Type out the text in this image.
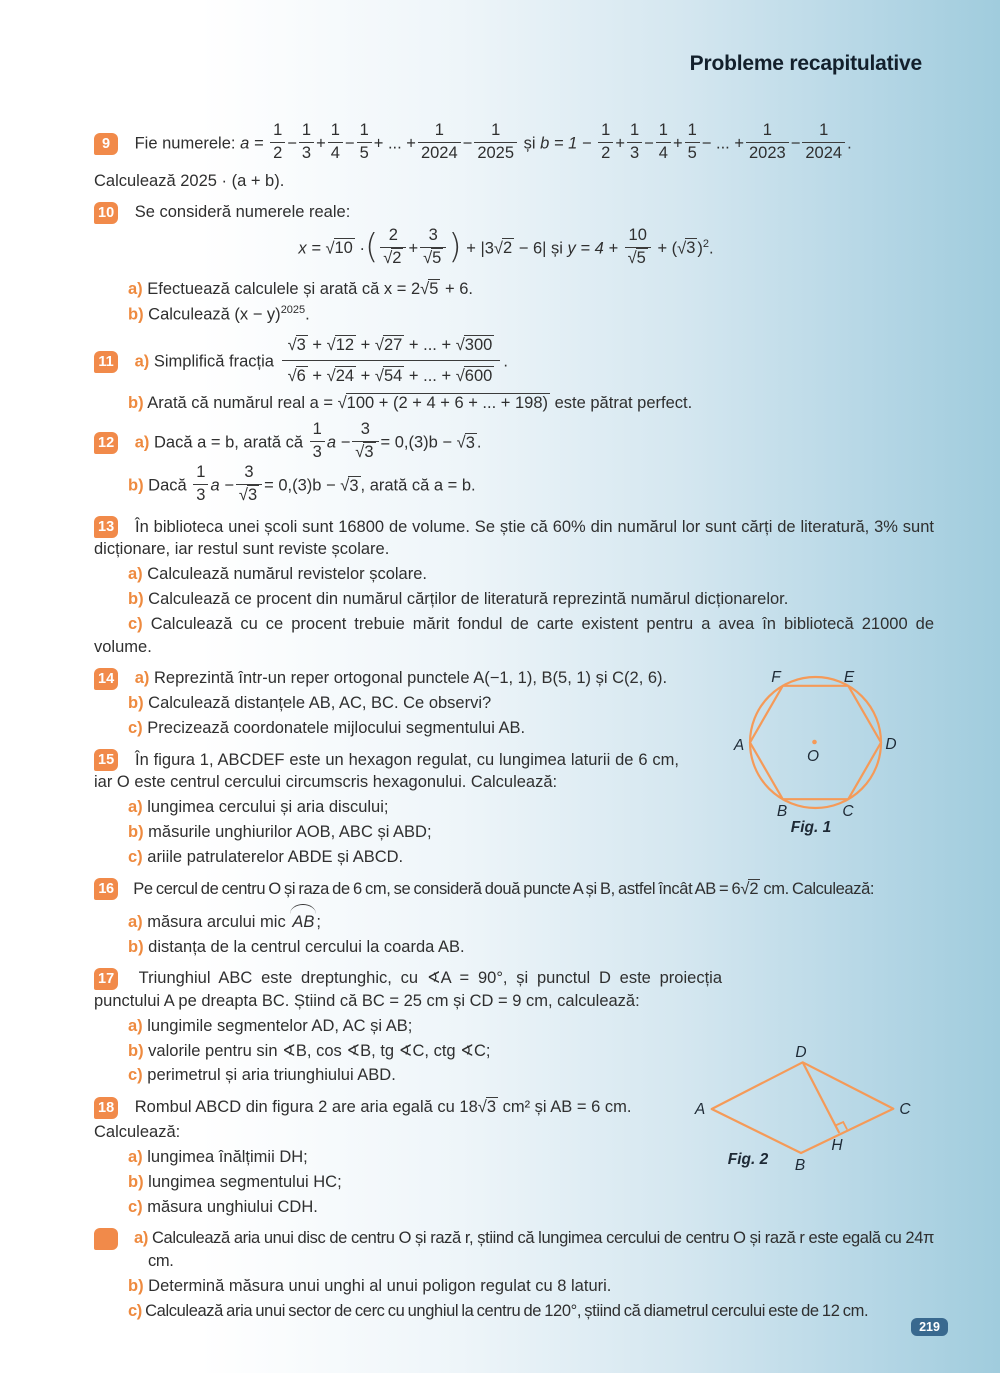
Probleme recapitulative
9 Fie numerele: $a = \frac{1}{2} - \frac{1}{3} + \frac{1}{4} - \frac{1}{5}$ + ... + $\frac{1}{2024} - \frac{1}{2025}$ și $b = 1 - \frac{1}{2} + \frac{1}{3} - \frac{1}{4} + \frac{1}{5}$ − ... + $\frac{1}{2023} - \frac{1}{2024}$ .

Calculează 2025 · (a + b).

10 Se consideră numerele reale:

x = √10 ·( $\frac{2}{√2} + \frac{3}{√5}$ ) + |3√2 − 6| și $y = 4 + \frac{10}{√5} + (√3$ )$^2$.

a) Efectuează calculele și arată că x = 2√5 + 6.

b) Calculează $(x - y)^{2025}$.

11 a) Simplifică fracția $\frac{√3 + √12 + √27 + ... + √300}{√6 + √24 + √54 + ... + √600}$ .

b) Arată că numărul real a = √100 + (2 + 4 + 6 + ... + 198) este pătrat perfect.

12 a) Dacă a = b, arată că $\frac{1}{3}$ $a - \frac{3}{√3} = 0,(3)b - √3$ .

b) Dacă $\frac{1}{3}$ $a - \frac{3}{√3} = 0,(3)b - √3$ , arată că a = b.

13 În biblioteca unei școli sunt 16800 de volume. Se știe că 60% din numărul lor sunt cărți de literatură, 3% sunt dicționare, iar restul sunt reviste școlare.

a) Calculează numărul revistelor școlare.

b) Calculează ce procent din numărul cărților de literatură reprezintă numărul dicționarelor.

c) Calculează cu ce procent trebuie mărit fondul de carte existent pentru a avea în bibliotecă 21000 de volume.

A
F	E
D
B	C
O
Fig. 1

14 a) Reprezintă într-un reper ortogonal punctele A(−1, 1), B(5, 1) și C(2, 6).

b) Calculează distanțele AB, AC, BC. Ce observi?

c) Precizează coordonatele mijlocului segmentului AB.

15 În figura 1, ABCDEF este un hexagon regulat, cu lungimea laturii de 6 cm, iar O este centrul cercului circumscris hexagonului. Calculează:

a) lungimea cercului și aria discului;

b) măsurile unghiurilor AOB, ABC și ABD;

c) ariile patrulaterelor ABDE și ABCD.

16 Pe cercul de centru O și raza de 6 cm, se consideră două puncte A și B, astfel încât AB = 6√2 cm. Calculează:

a) măsura arcului mic AB ;

b) distanța de la centrul cercului la coarda AB.

D
A	C
B
H
Fig. 2

17 Triunghiul ABC este dreptunghic, cu ∢A = 90°, și punctul D este proiecția punctului A pe dreapta BC. Știind că BC = 25 cm și CD = 9 cm, calculează:

a) lungimile segmentelor AD, AC și AB;

b) valorile pentru sin ∢B, cos ∢B, tg ∢C, ctg ∢C;

c) perimetrul și aria triunghiului ABD.

18 Rombul ABCD din figura 2 are aria egală cu 18√3 cm² și AB = 6 cm.

Calculează:

a) lungimea înălțimii DH;

b) lungimea segmentului HC;

c) măsura unghiului CDH.

19	a) Calculează aria unui disc de centru O și rază r, știind că lungimea cercului de centru O și rază r este egală cu 24π cm.

b) Determină măsura unui unghi al unui poligon regulat cu 8 laturi.

c) Calculează aria unui sector de cerc cu unghiul la centru de 120°, știind că diametrul cercului este de 12 cm.

219
